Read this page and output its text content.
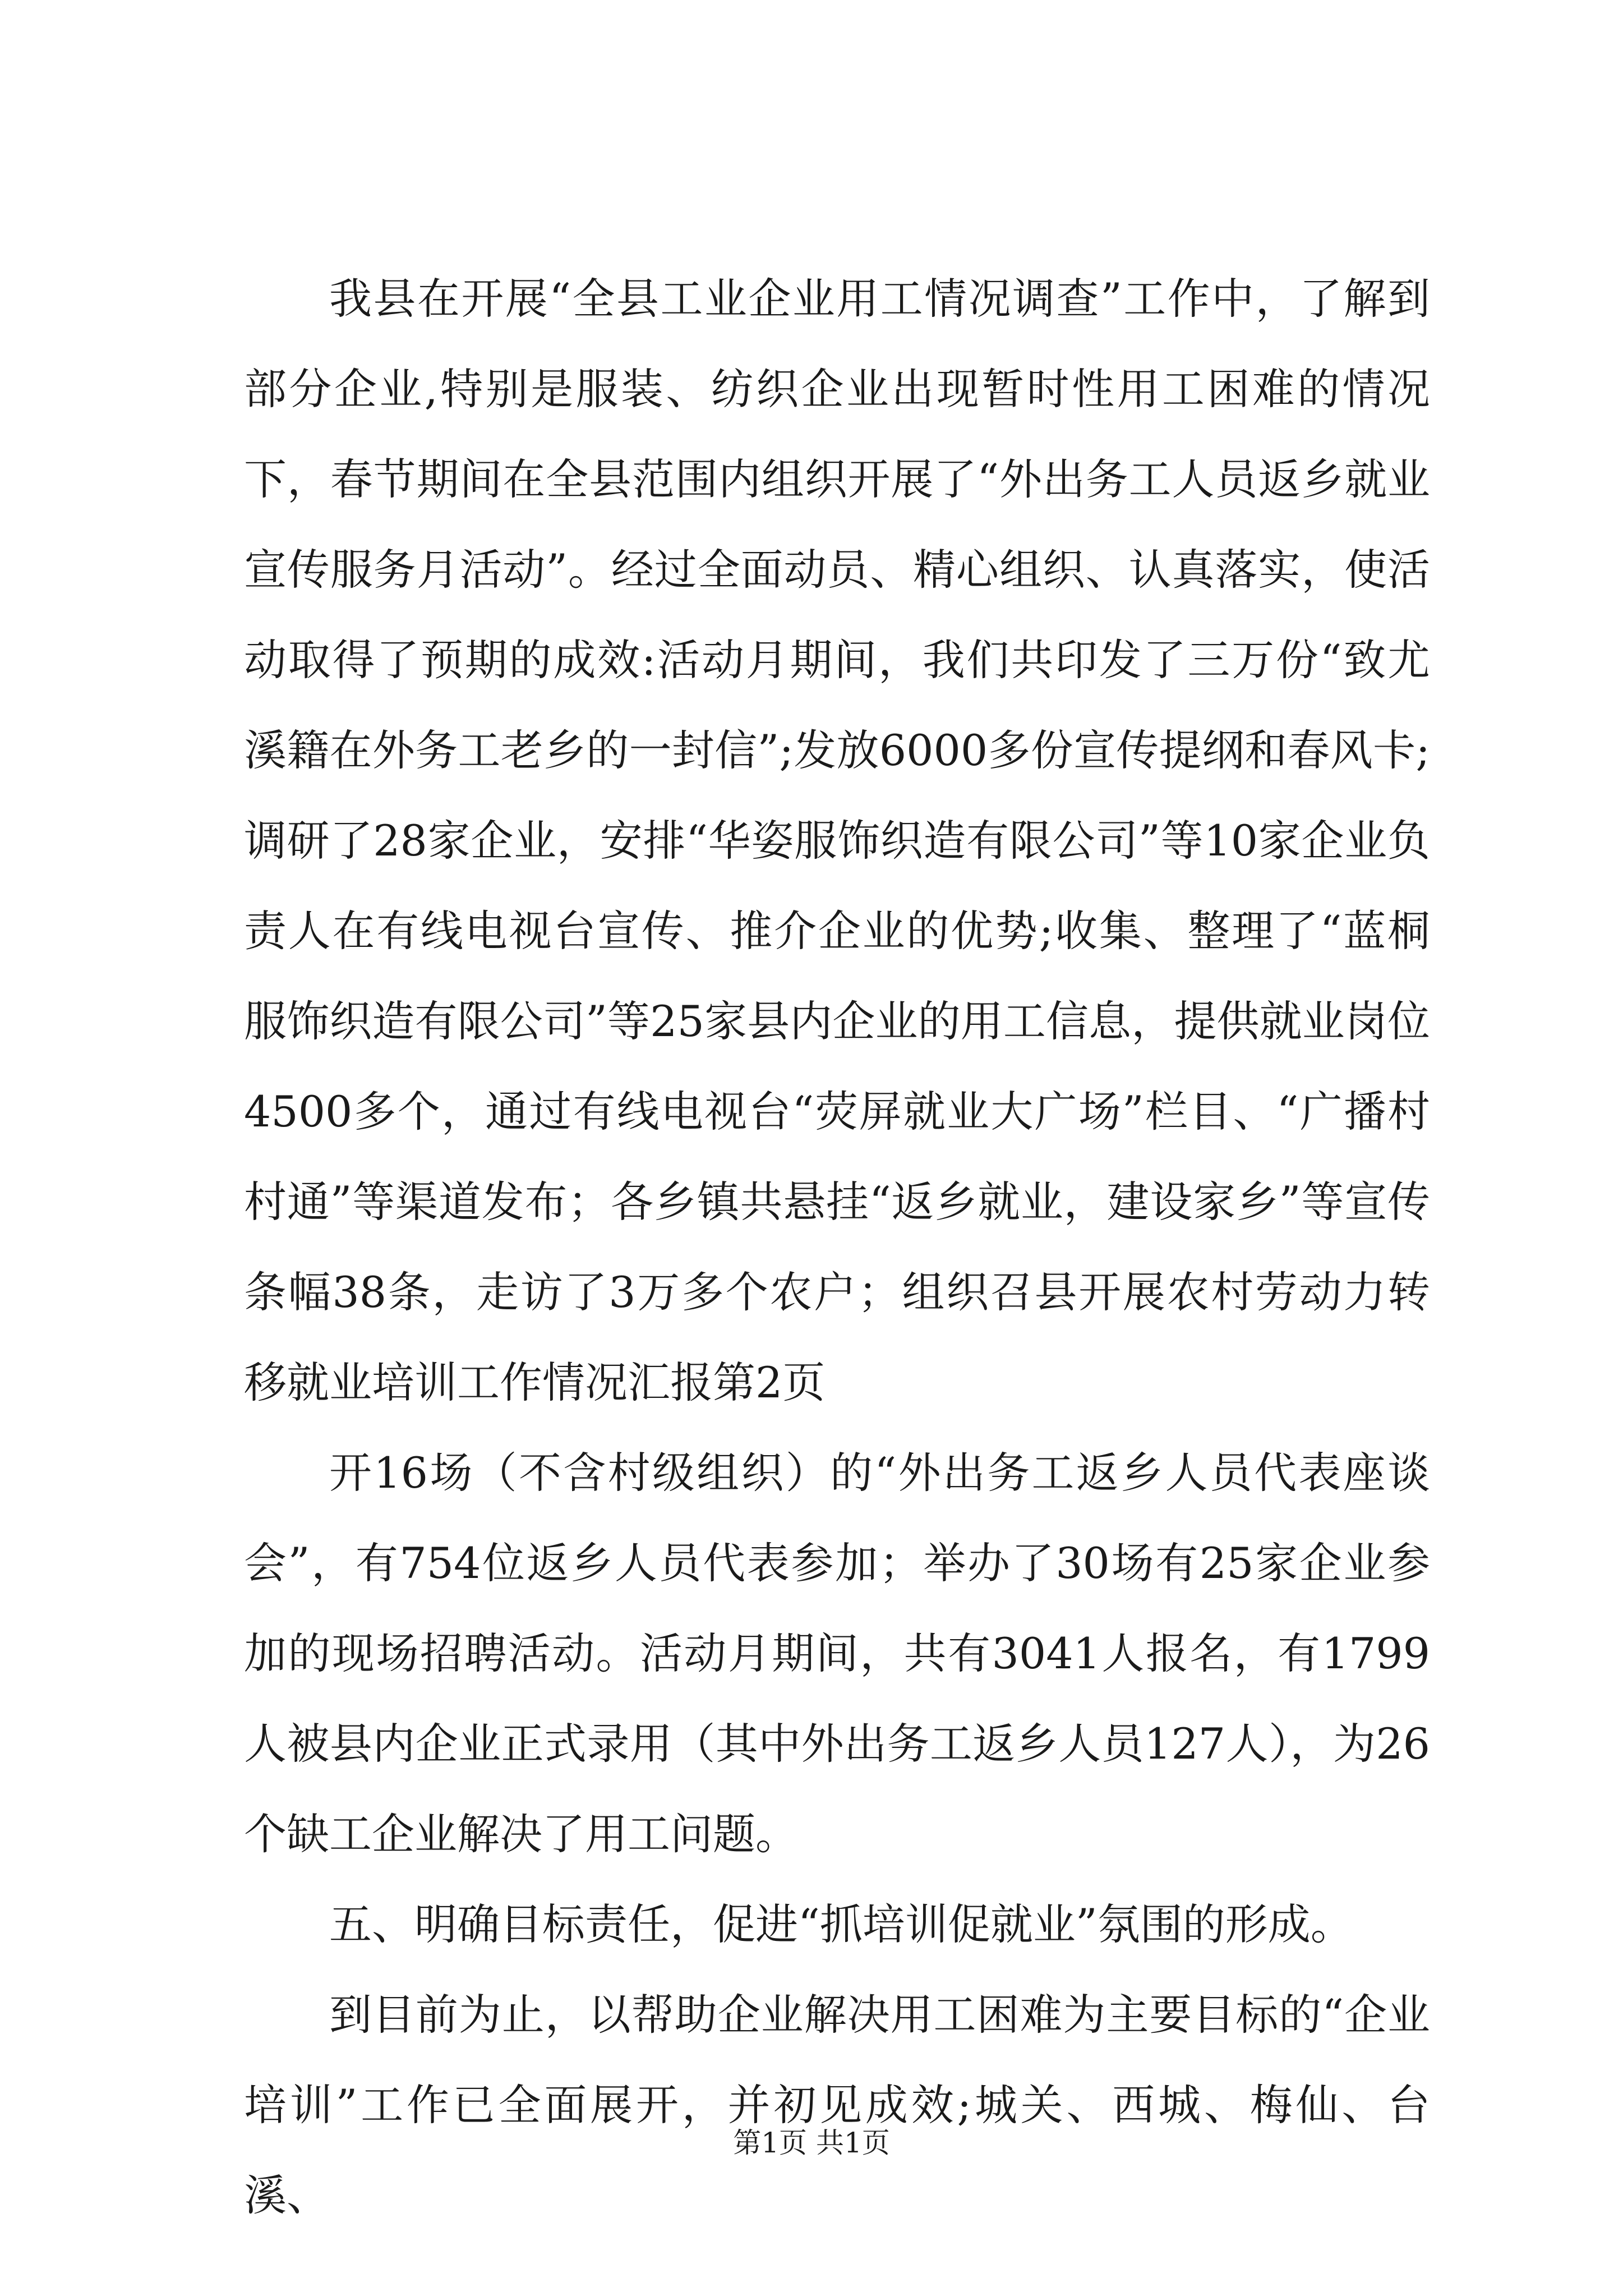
我县在开展“全县工业企业用工情况调查”工作中，了解到部分企业,特别是服装、纺织企业出现暂时性用工困难的情况下，春节期间在全县范围内组织开展了“外出务工人员返乡就业宣传服务月活动”。经过全面动员、精心组织、认真落实，使活动取得了预期的成效:活动月期间，我们共印发了三万份“致尤溪籍在外务工老乡的一封信”;发放6000多份宣传提纲和春风卡;调研了28家企业，安排“华姿服饰织造有限公司”等10家企业负责人在有线电视台宣传、推介企业的优势;收集、整理了“蓝桐服饰织造有限公司”等25家县内企业的用工信息，提供就业岗位4500多个，通过有线电视台“荧屏就业大广场”栏目、“广播村村通”等渠道发布；各乡镇共悬挂“返乡就业，建设家乡”等宣传条幅38条，走访了3万多个农户；组织召县开展农村劳动力转移就业培训工作情况汇报第2页

开16场（不含村级组织）的“外出务工返乡人员代表座谈会”，有754位返乡人员代表参加；举办了30场有25家企业参加的现场招聘活动。活动月期间，共有3041人报名，有1799人被县内企业正式录用（其中外出务工返乡人员127人），为26个缺工企业解决了用工问题。

五、明确目标责任，促进“抓培训促就业”氛围的形成。

到目前为止，以帮助企业解决用工困难为主要目标的“企业培训”工作已全面展开，并初见成效;城关、西城、梅仙、台溪、

第1页 共1页
